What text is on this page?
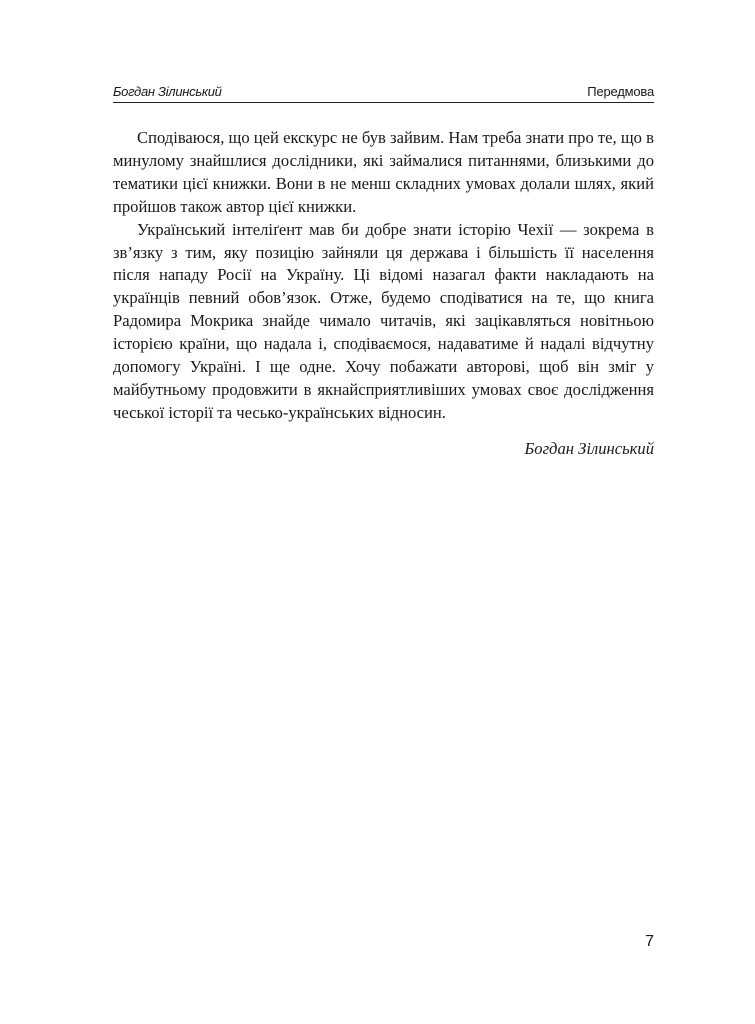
Богдан Зілинський	Передмова

Сподіваюся, що цей екскурс не був зайвим. Нам треба знати про те, що в минулому знайшлися дослідники, які займалися питаннями, близькими до тематики цієї книжки. Вони в не менш складних умовах долали шлях, який пройшов також автор цієї книжки.

Український інтеліґент мав би добре знати історію Чехії — зокрема в зв’язку з тим, яку позицію зайняли ця держава і більшість її населення після нападу Росії на Україну. Ці відомі назагал факти накладають на українців певний обов’язок. Отже, будемо сподіватися на те, що книга Радомира Мокрика знайде чимало читачів, які зацікавляться новітньою історією країни, що надала і, сподіваємося, надаватиме й надалі відчутну допомогу Україні. І ще одне. Хочу побажати авторові, щоб він зміг у майбутньому продовжити в якнайсприятливіших умовах своє дослідження чеської історії та чесько-українських відносин.

Богдан Зілинський
7
